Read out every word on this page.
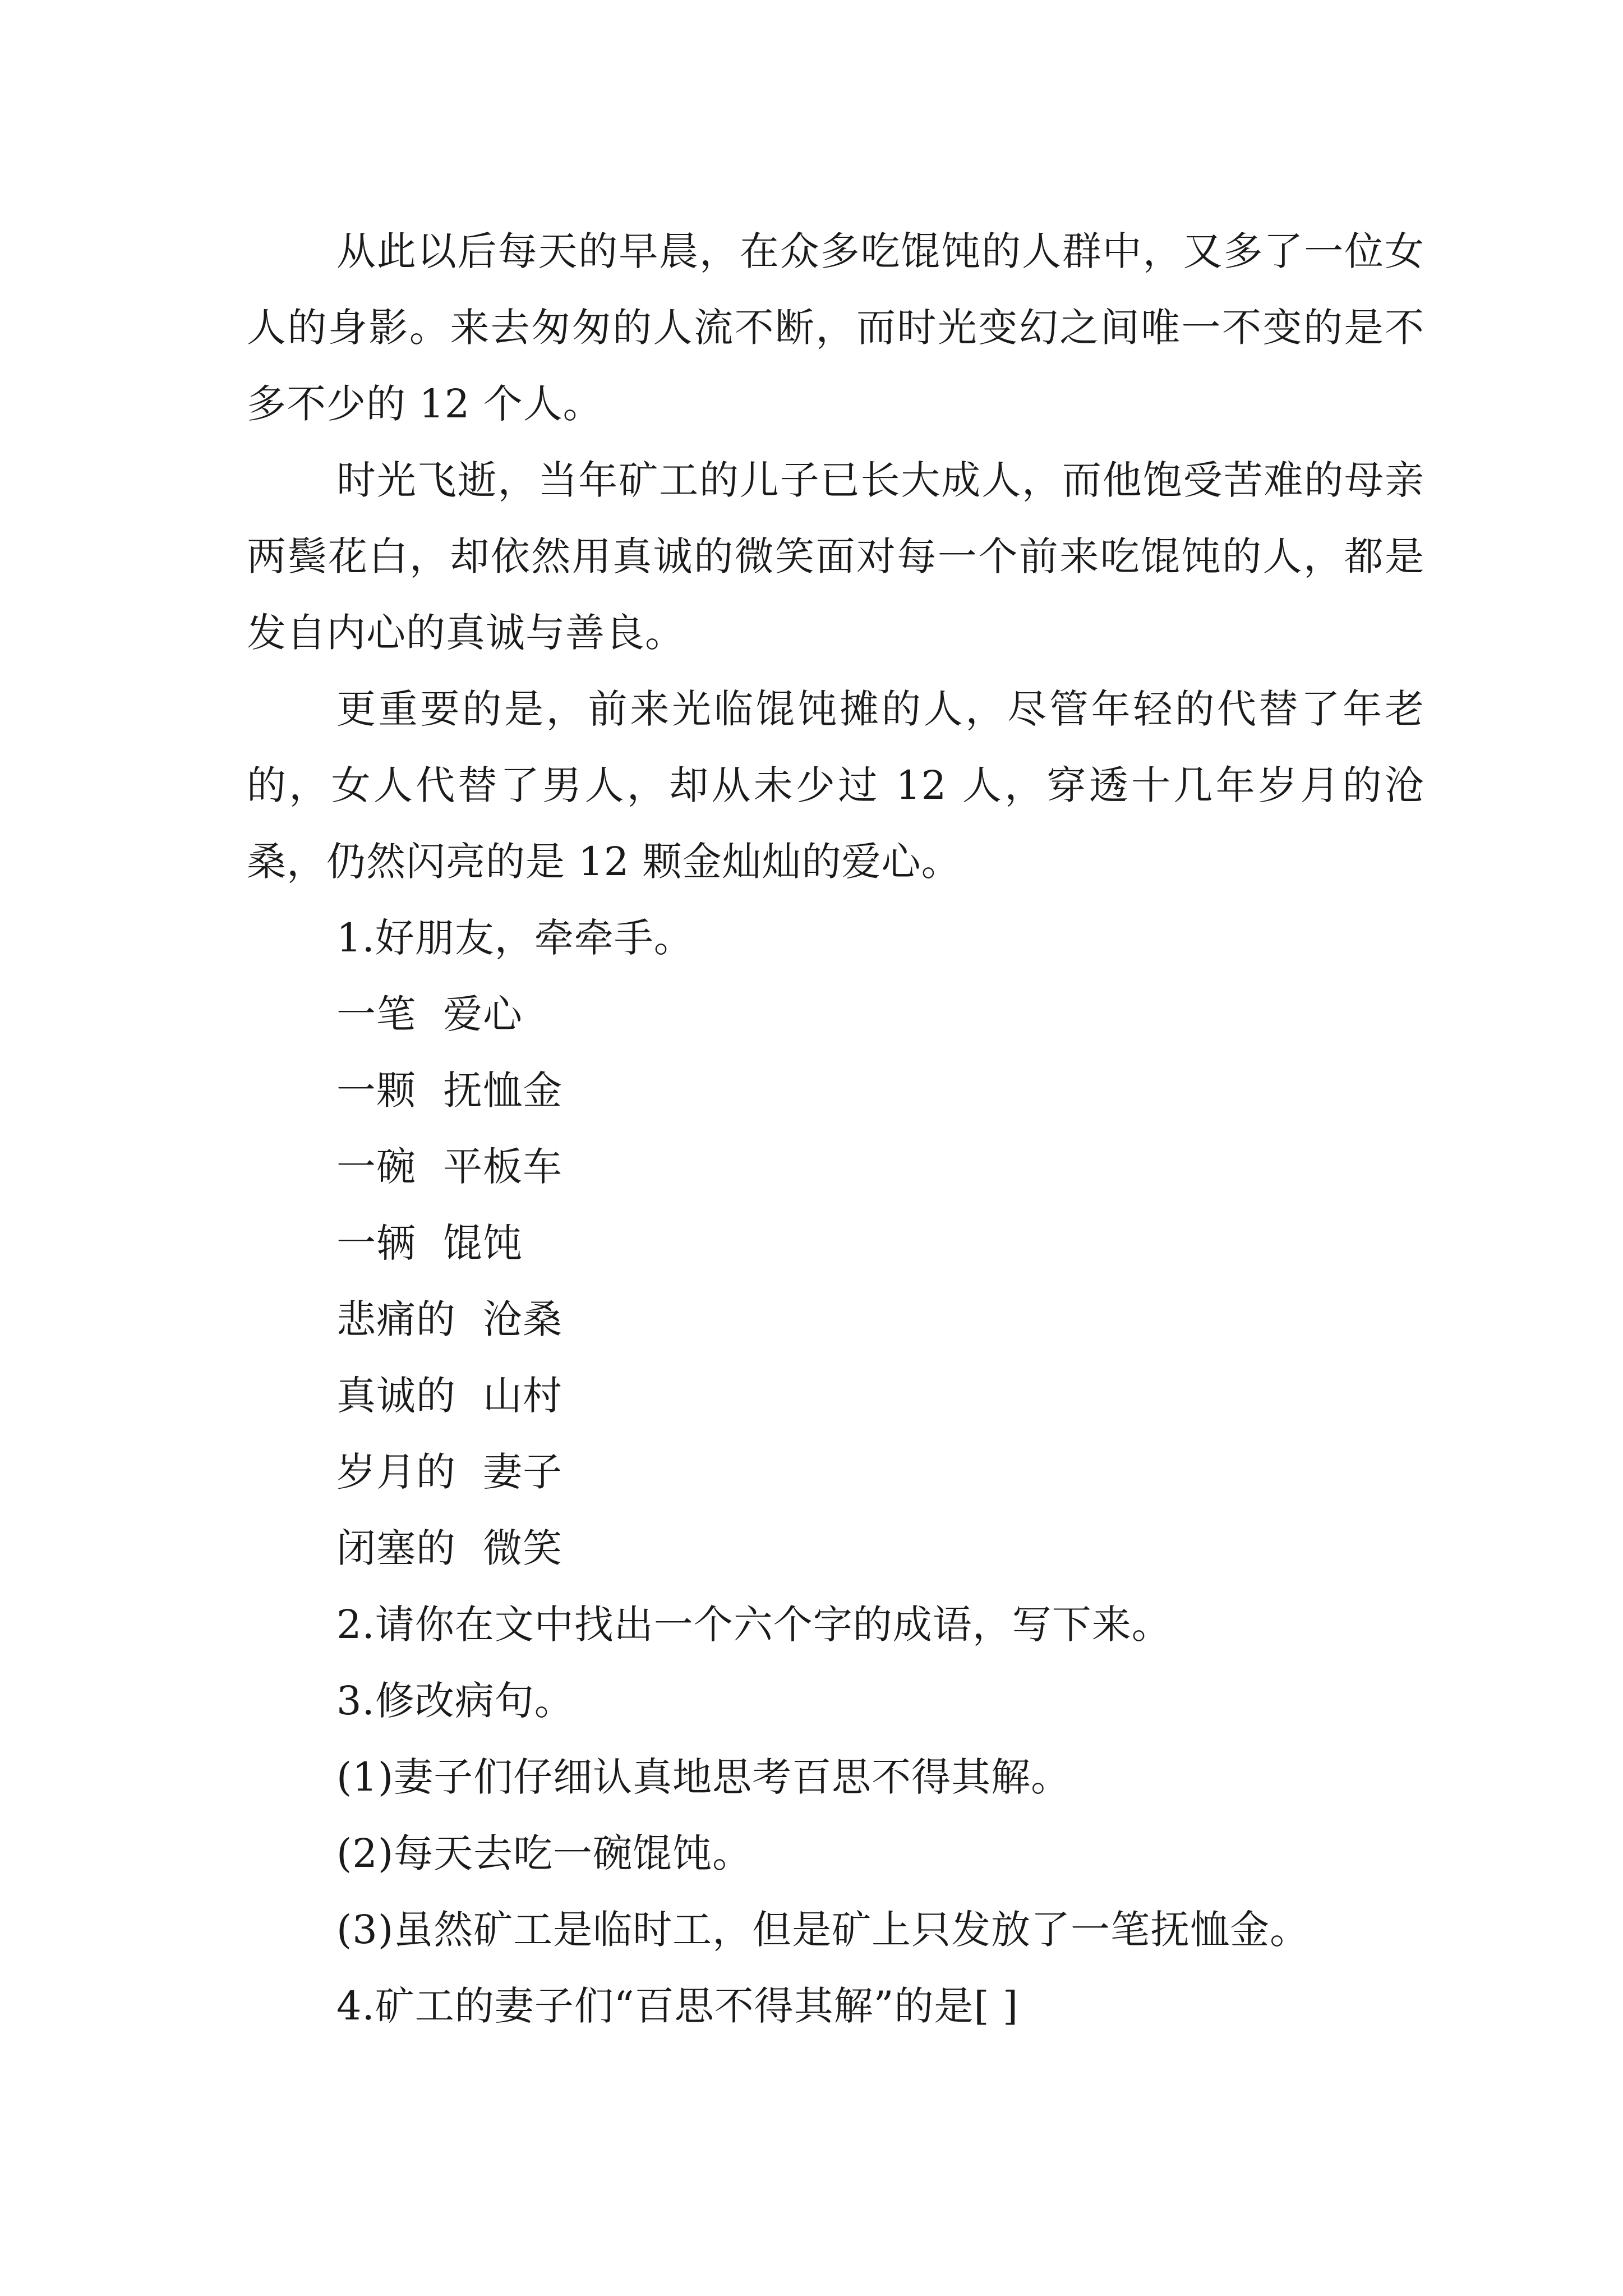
从此以后每天的早晨，在众多吃馄饨的人群中，又多了一位女人的身影。来去匆匆的人流不断，而时光变幻之间唯一不变的是不多不少的 12 个人。

时光飞逝，当年矿工的儿子已长大成人，而他饱受苦难的母亲两鬓花白，却依然用真诚的微笑面对每一个前来吃馄饨的人，都是发自内心的真诚与善良。

更重要的是，前来光临馄饨摊的人，尽管年轻的代替了年老的，女人代替了男人，却从未少过 12 人，穿透十几年岁月的沧桑，仍然闪亮的是 12 颗金灿灿的爱心。

1.好朋友，牵牵手。

一笔 爱心

一颗 抚恤金

一碗 平板车

一辆 馄饨

悲痛的 沧桑

真诚的 山村

岁月的 妻子

闭塞的 微笑

2.请你在文中找出一个六个字的成语，写下来。

3.修改病句。

(1)妻子们仔细认真地思考百思不得其解。

(2)每天去吃一碗馄饨。

(3)虽然矿工是临时工，但是矿上只发放了一笔抚恤金。

4.矿工的妻子们“百思不得其解”的是[ ]
